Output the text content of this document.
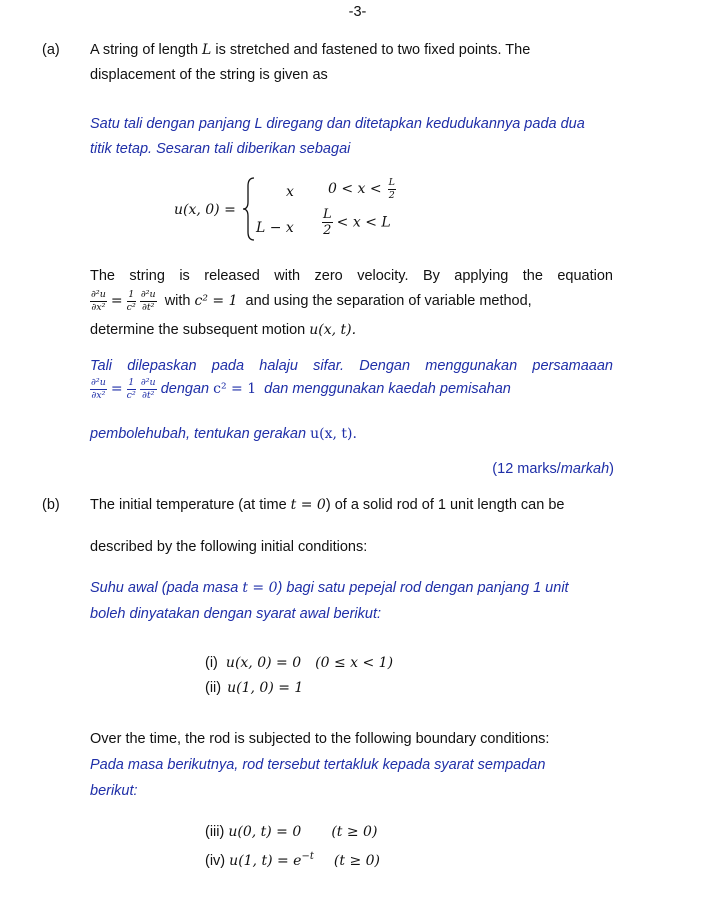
-3-
(a) A string of length L is stretched and fastened to two fixed points. The
displacement of the string is given as
Satu tali dengan panjang L diregang dan ditetapkan kedudukannya pada dua
titik tetap. Sesaran tali diberikan sebagai
u(x, 0) =
x $0 < x < \frac{L}{2}$
L − x $\frac{L}{2} < x < L$
The string is released with zero velocity. By applying the equation
$\frac{\text{∂²u}}{\text{∂x²}} = \frac{1}{\text{c²}}$
$\frac{\text{∂²u}}{\text{∂t²}}$ with c² = 1 and using the separation of variable method,
determine the subsequent motion u(x, t).
Tali dilepaskan pada halaju sifar. Dengan menggunakan persamaaan
$\frac{\text{∂²u}}{\text{∂x²}} = \frac{1}{\text{c²}}$
$\frac{\text{∂²u}}{\text{∂t²}}$ dengan c² = 1 dan menggunakan kaedah pemisahan
pembolehubah, tentukan gerakan u(x, t).
(12 marks/markah)
(b) The initial temperature (at time t = 0) of a solid rod of 1 unit length can be
described by the following initial conditions:
Suhu awal (pada masa t = 0) bagi satu pepejal rod dengan panjang 1 unit
boleh dinyatakan dengan syarat awal berikut:
(i) u(x, 0) = 0 (0 ≤ x < 1)
(ii) u(1, 0) = 1
Over the time, the rod is subjected to the following boundary conditions:
Pada masa berikutnya, rod tersebut tertakluk kepada syarat sempadan
berikut:
(iii) u(0, t) = 0 (t ≥ 0)
(iv) u(1, $t) = e^{-t}$ (t ≥ 0)
